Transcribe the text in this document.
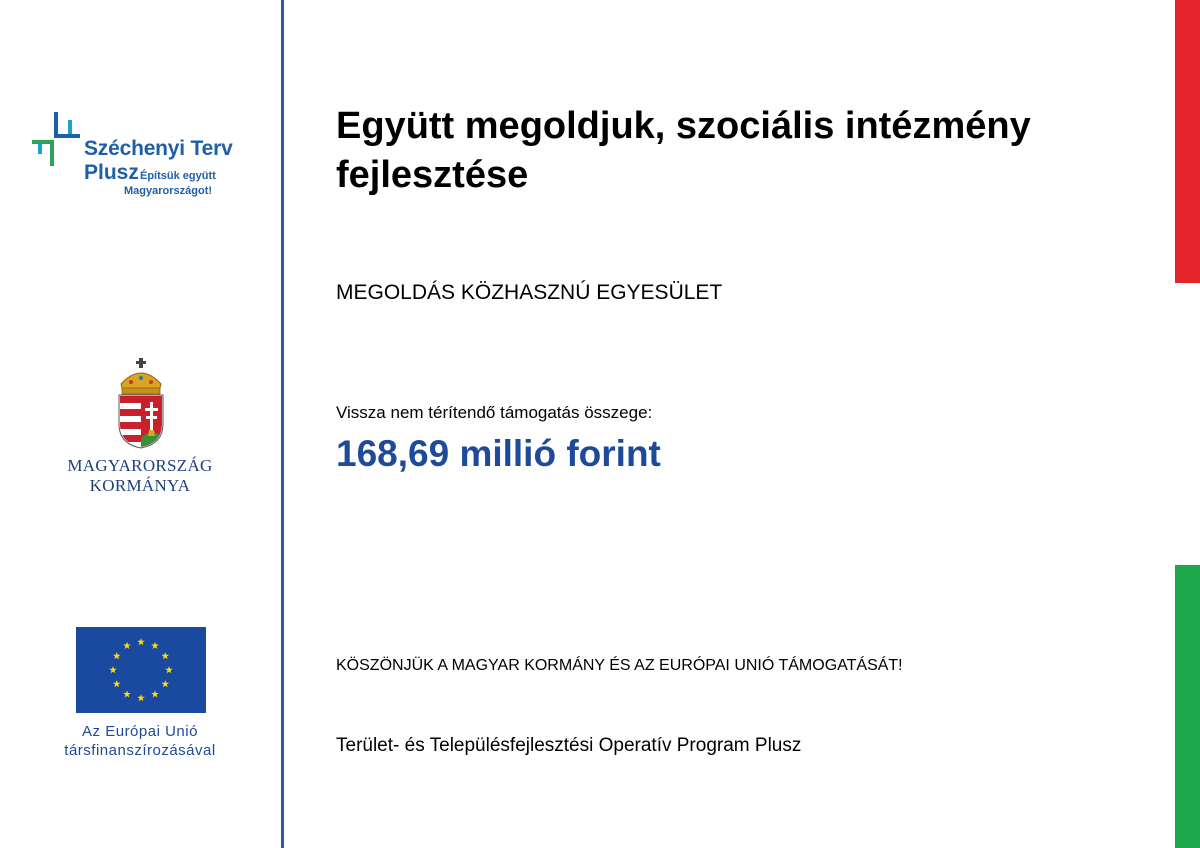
Széchenyi Terv
Plusz Építsük együtt
Magyarországot!
MAGYARORSZÁG
KORMÁNYA
Az Európai Unió
társfinanszírozásával
Együtt megoldjuk, szociális intézmény fejlesztése
MEGOLDÁS KÖZHASZNÚ EGYESÜLET
Vissza nem térítendő támogatás összege:
168,69 millió forint
KÖSZÖNJÜK A MAGYAR KORMÁNY ÉS AZ EURÓPAI UNIÓ TÁMOGATÁSÁT!
Terület- és Településfejlesztési Operatív Program Plusz
